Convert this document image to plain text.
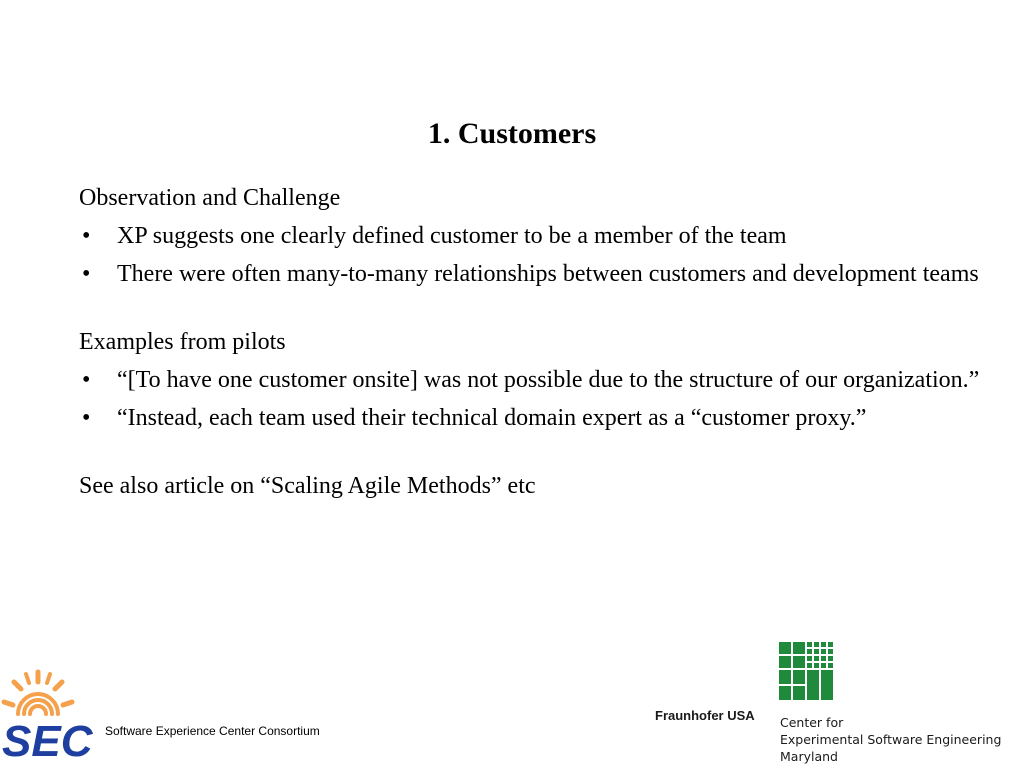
1. Customers

Observation and Challenge

• XP suggests one clearly defined customer to be a member of the team
• There were often many-to-many relationships between customers and development teams

Examples from pilots

• “[To have one customer onsite] was not possible due to the structure of our organization.”
• “Instead, each team used their technical domain expert as a “customer proxy.”

See also article on “Scaling Agile Methods” etc

SEC Software Experience Center Consortium
Fraunhofer USA Center for
Experimental Software Engineering
Maryland
